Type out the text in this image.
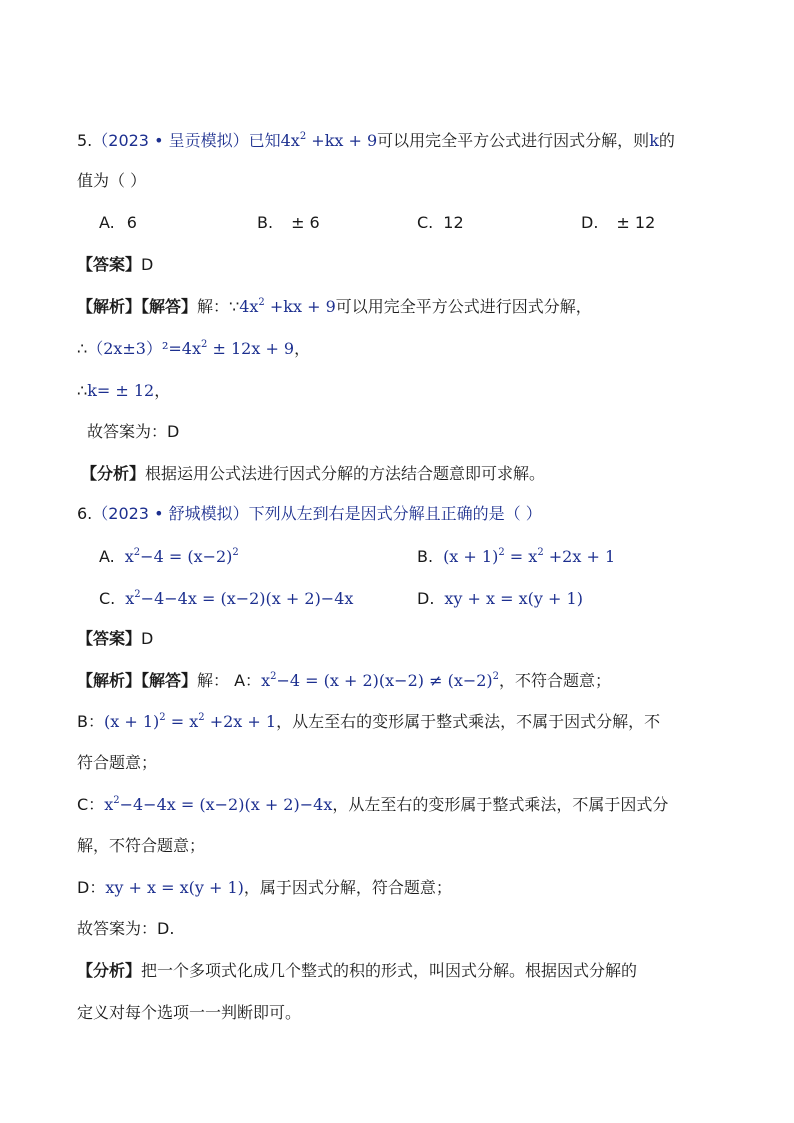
5.（2023 • 呈贡模拟）已知$4x^2 +kx + 9$可以用完全平方公式进行因式分解，则k的
值为（ ）
A. 6	B. ± 6	C. 12	D. ± 12
【答案】D
【解析】【解答】解：$\because 4x^2 +kx + 9$可以用完全平方公式进行因式分解，
$\therefore(2x\pm 3)^2=4x^2 \pm 12x + 9$，
∴k= ± 12，
故答案为：D
【分析】根据运用公式法进行因式分解的方法结合题意即可求解。
6.（2023 • 舒城模拟）下列从左到右是因式分解且正确的是（ ）
A. $x^2-4 = (x-2)^2$	B. $(x + 1)^2 = x^2 +2x + 1$
C. $x^2-4-4x = (x-2)(x + 2)-4x$	D. xy + x = x(y + 1)
【答案】D
【解析】【解答】解： A：$x^2-4 = (x + 2)(x-2) \ne (x-2)^2$，不符合题意；
B：$(x + 1)^2 = x^2 +2x + 1$，从左至右的变形属于整式乘法，不属于因式分解，不
符合题意；
C：$x^2-4-4x = (x-2)(x + 2)-4x$，从左至右的变形属于整式乘法，不属于因式分
解，不符合题意；
D：xy + x = x(y + 1)，属于因式分解，符合题意；
故答案为：D.
【分析】把一个多项式化成几个整式的积的形式，叫因式分解。根据因式分解的
定义对每个选项一一判断即可。
